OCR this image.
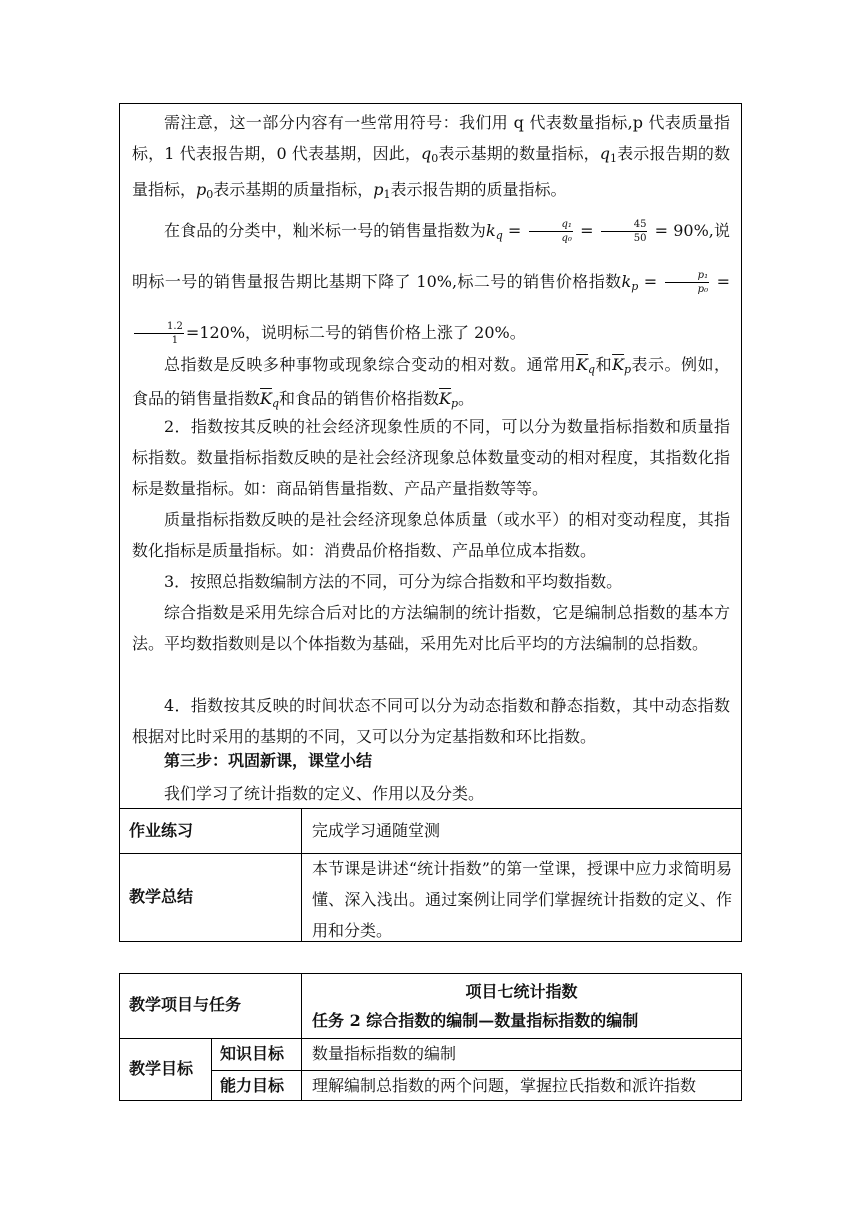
需注意，这一部分内容有一些常用符号：我们用 q 代表数量指标,p 代表质量指标，1 代表报告期，0 代表基期，因此，$q_0$表示基期的数量指标，$q_1$表示报告期的数量指标，$p_0$表示基期的质量指标，$p_1$表示报告期的质量指标。

在食品的分类中，籼米标一号的销售量指数为kq = $\frac{\text{q₁}}{\text{q₀}} = \frac{45}{50} = 90\%$,说明标一号的销售量报告期比基期下降了 10%,标二号的销售价格指数kp = $\frac{\text{p₁}}{\text{p₀}}$ =
$\frac{1.2}{1} =120\%$，说明标二号的销售价格上涨了 20%。

总指数是反映多种事物或现象综合变动的相对数。通常用$\overline{K}q$和$\overline{K}p$表示。例如，食品的销售量指数$\overline{K}q$和食品的销售价格指数$\overline{K}p$。

2．指数按其反映的社会经济现象性质的不同，可以分为数量指标指数和质量指标指数。数量指标指数反映的是社会经济现象总体数量变动的相对程度，其指数化指标是数量指标。如：商品销售量指数、产品产量指数等等。

质量指标指数反映的是社会经济现象总体质量（或水平）的相对变动程度，其指数化指标是质量指标。如：消费品价格指数、产品单位成本指数。

3．按照总指数编制方法的不同，可分为综合指数和平均数指数。

综合指数是采用先综合后对比的方法编制的统计指数，它是编制总指数的基本方法。平均数指数则是以个体指数为基础，采用先对比后平均的方法编制的总指数。

4．指数按其反映的时间状态不同可以分为动态指数和静态指数，其中动态指数根据对比时采用的基期的不同，又可以分为定基指数和环比指数。

第三步：巩固新课，课堂小结

我们学习了统计指数的定义、作用以及分类。

作业练习	完成学习通随堂测
教学总结
本节课是讲述“统计指数”的第一堂课，授课中应力求简明易懂、深入浅出。通过案例让同学们掌握统计指数的定义、作用和分类。
教学项目与任务
项目七统计指数
任务 2 综合指数的编制—数量指标指数的编制
教学目标
知识目标 数量指标指数的编制
能力目标 理解编制总指数的两个问题，掌握拉氏指数和派许指数
